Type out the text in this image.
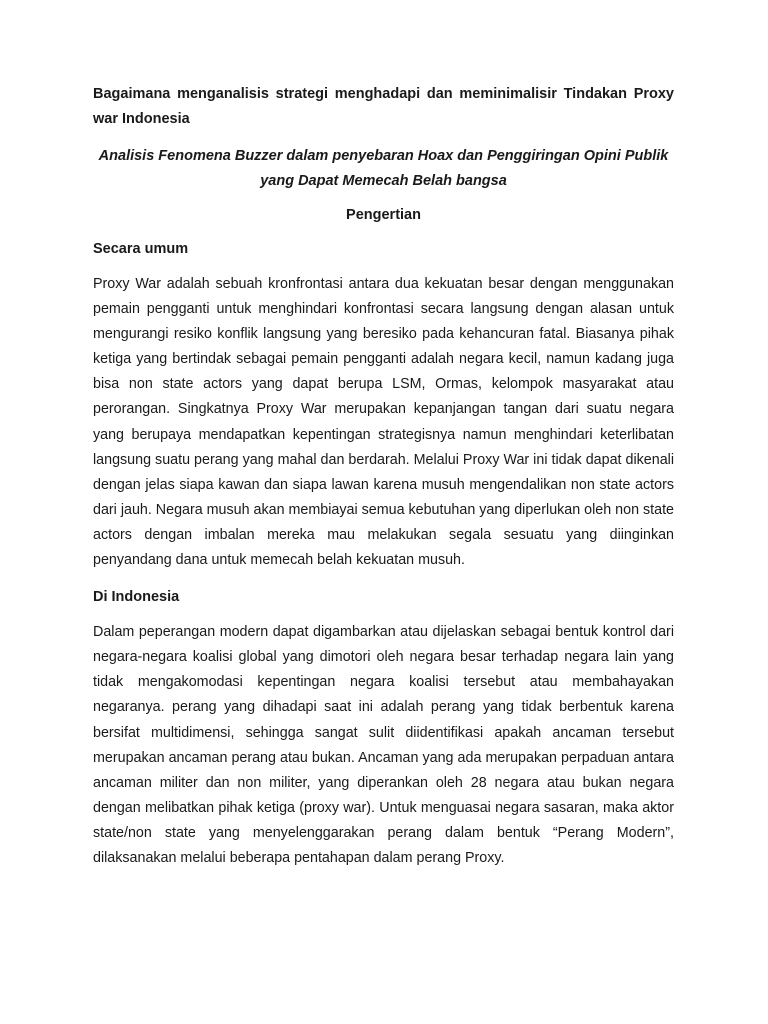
Bagaimana menganalisis strategi menghadapi dan meminimalisir Tindakan Proxy war Indonesia

Analisis Fenomena Buzzer dalam penyebaran Hoax dan Penggiringan Opini Publik yang Dapat Memecah Belah bangsa

Pengertian

Secara umum

Proxy War adalah sebuah kronfrontasi antara dua kekuatan besar dengan menggunakan pemain pengganti untuk menghindari konfrontasi secara langsung dengan alasan untuk mengurangi resiko konflik langsung yang beresiko pada kehancuran fatal. Biasanya pihak ketiga yang bertindak sebagai pemain pengganti adalah negara kecil, namun kadang juga bisa non state actors yang dapat berupa LSM, Ormas, kelompok masyarakat atau perorangan. Singkatnya Proxy War merupakan kepanjangan tangan dari suatu negara yang berupaya mendapatkan kepentingan strategisnya namun menghindari keterlibatan langsung suatu perang yang mahal dan berdarah. Melalui Proxy War ini tidak dapat dikenali dengan jelas siapa kawan dan siapa lawan karena musuh mengendalikan non state actors dari jauh. Negara musuh akan membiayai semua kebutuhan yang diperlukan oleh non state actors dengan imbalan mereka mau melakukan segala sesuatu yang diinginkan penyandang dana untuk memecah belah kekuatan musuh.

Di Indonesia

Dalam peperangan modern dapat digambarkan atau dijelaskan sebagai bentuk kontrol dari negara-negara koalisi global yang dimotori oleh negara besar terhadap negara lain yang tidak mengakomodasi kepentingan negara koalisi tersebut atau membahayakan negaranya. perang yang dihadapi saat ini adalah perang yang tidak berbentuk karena bersifat multidimensi, sehingga sangat sulit diidentifikasi apakah ancaman tersebut merupakan ancaman perang atau bukan. Ancaman yang ada merupakan perpaduan antara ancaman militer dan non militer, yang diperankan oleh 28 negara atau bukan negara dengan melibatkan pihak ketiga (proxy war). Untuk menguasai negara sasaran, maka aktor state/non state yang menyelenggarakan perang dalam bentuk “Perang Modern”, dilaksanakan melalui beberapa pentahapan dalam perang Proxy.
